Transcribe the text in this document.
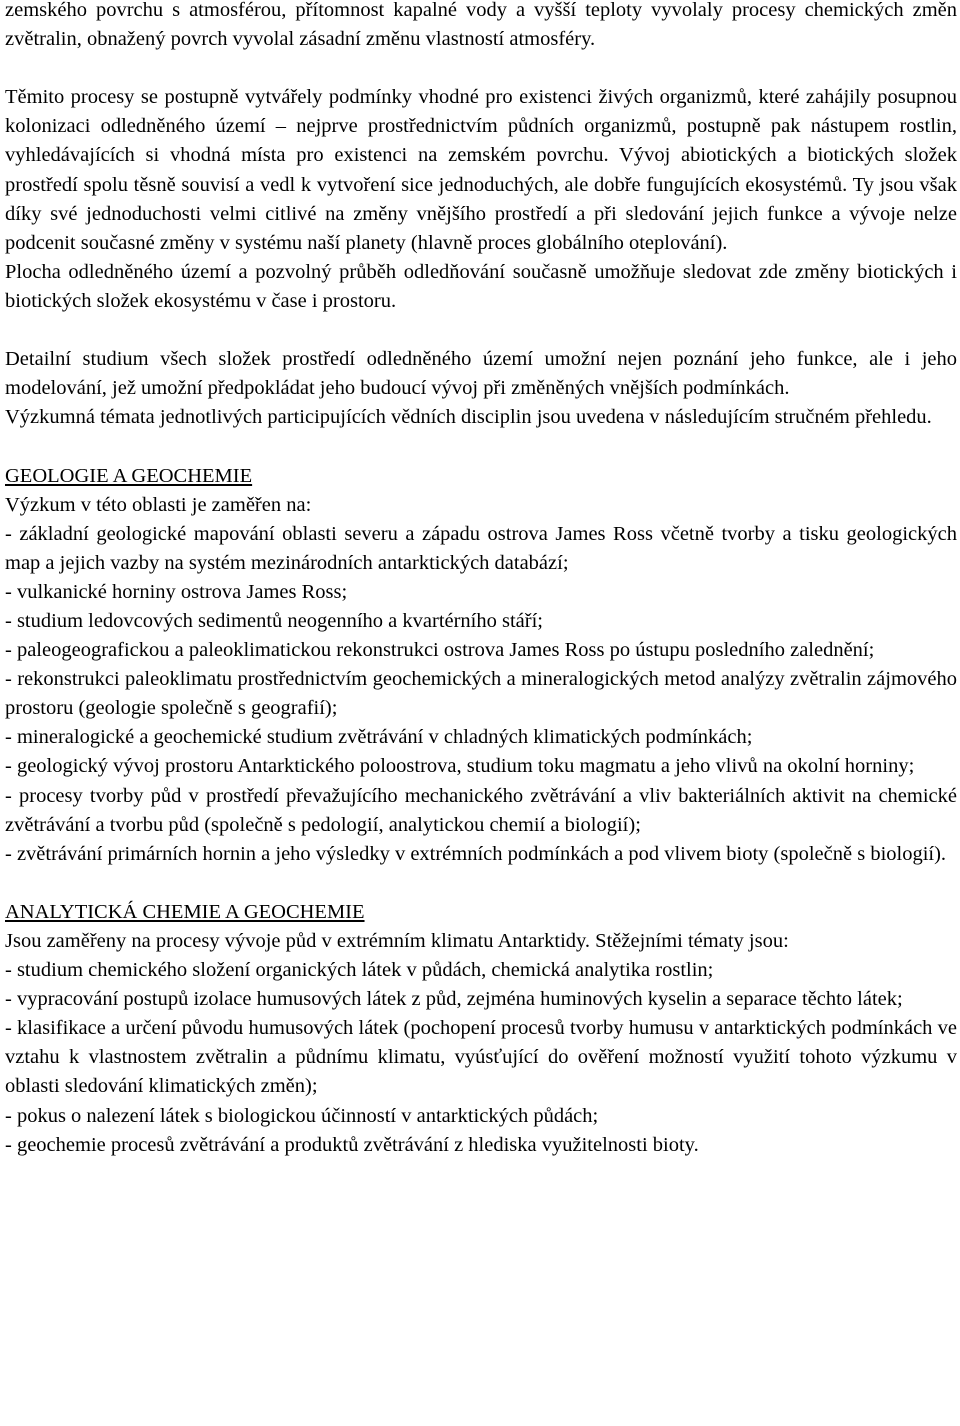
zemského povrchu s atmosférou, přítomnost kapalné vody a vyšší teploty vyvolaly procesy chemických změn zvětralin, obnažený povrch vyvolal zásadní změnu vlastností atmosféry.

Těmito procesy se postupně vytvářely podmínky vhodné pro existenci živých organizmů, které zahájily posupnou kolonizaci odledněného území – nejprve prostřednictvím půdních organizmů, postupně pak nástupem rostlin, vyhledávajících si vhodná místa pro existenci na zemském povrchu. Vývoj abiotických a biotických složek prostředí spolu těsně souvisí a vedl k vytvoření sice jednoduchých, ale dobře fungujících ekosystémů. Ty jsou však díky své jednoduchosti velmi citlivé na změny vnějšího prostředí a při sledování jejich funkce a vývoje nelze podcenit současné změny v systému naší planety (hlavně proces globálního oteplování).

Plocha odledněného území a pozvolný průběh odledňování současně umožňuje sledovat zde změny biotických i biotických složek ekosystému v čase i prostoru.

Detailní studium všech složek prostředí odledněného území umožní nejen poznání jeho funkce, ale i jeho modelování, jež umožní předpokládat jeho budoucí vývoj při změněných vnějších podmínkách.

Výzkumná témata jednotlivých participujících vědních disciplin jsou uvedena v následujícím stručném přehledu.

GEOLOGIE A GEOCHEMIE

Výzkum v této oblasti je zaměřen na:

- základní geologické mapování oblasti severu a západu ostrova James Ross včetně tvorby a tisku geologických map a jejich vazby na systém mezinárodních antarktických databází;

- vulkanické horniny ostrova James Ross;

- studium ledovcových sedimentů neogenního a kvartérního stáří;

- paleogeografickou a paleoklimatickou rekonstrukci ostrova James Ross po ústupu posledního zalednění;

- rekonstrukci paleoklimatu prostřednictvím geochemických a mineralogických metod analýzy zvětralin zájmového prostoru (geologie společně s geografií);

- mineralogické a geochemické studium zvětrávání v chladných klimatických podmínkách;

- geologický vývoj prostoru Antarktického poloostrova, studium toku magmatu a jeho vlivů na okolní horniny;

- procesy tvorby půd v prostředí převažujícího mechanického zvětrávání a vliv bakteriálních aktivit na chemické zvětrávání a tvorbu půd (společně s pedologií, analytickou chemií a biologií);

- zvětrávání primárních hornin a jeho výsledky v extrémních podmínkách a pod vlivem bioty (společně s biologií).

ANALYTICKÁ CHEMIE A GEOCHEMIE

Jsou zaměřeny na procesy vývoje půd v extrémním klimatu Antarktidy. Stěžejními tématy jsou:

- studium chemického složení organických látek v půdách, chemická analytika rostlin;

- vypracování postupů izolace humusových látek z půd, zejména huminových kyselin a separace těchto látek;

- klasifikace a určení původu humusových látek (pochopení procesů tvorby humusu v antarktických podmínkách ve vztahu k vlastnostem zvětralin a půdnímu klimatu, vyúsťující do ověření možností využití tohoto výzkumu v oblasti sledování klimatických změn);

- pokus o nalezení látek s biologickou účinností v antarktických půdách;

- geochemie procesů zvětrávání a produktů zvětrávání z hlediska využitelnosti bioty.
